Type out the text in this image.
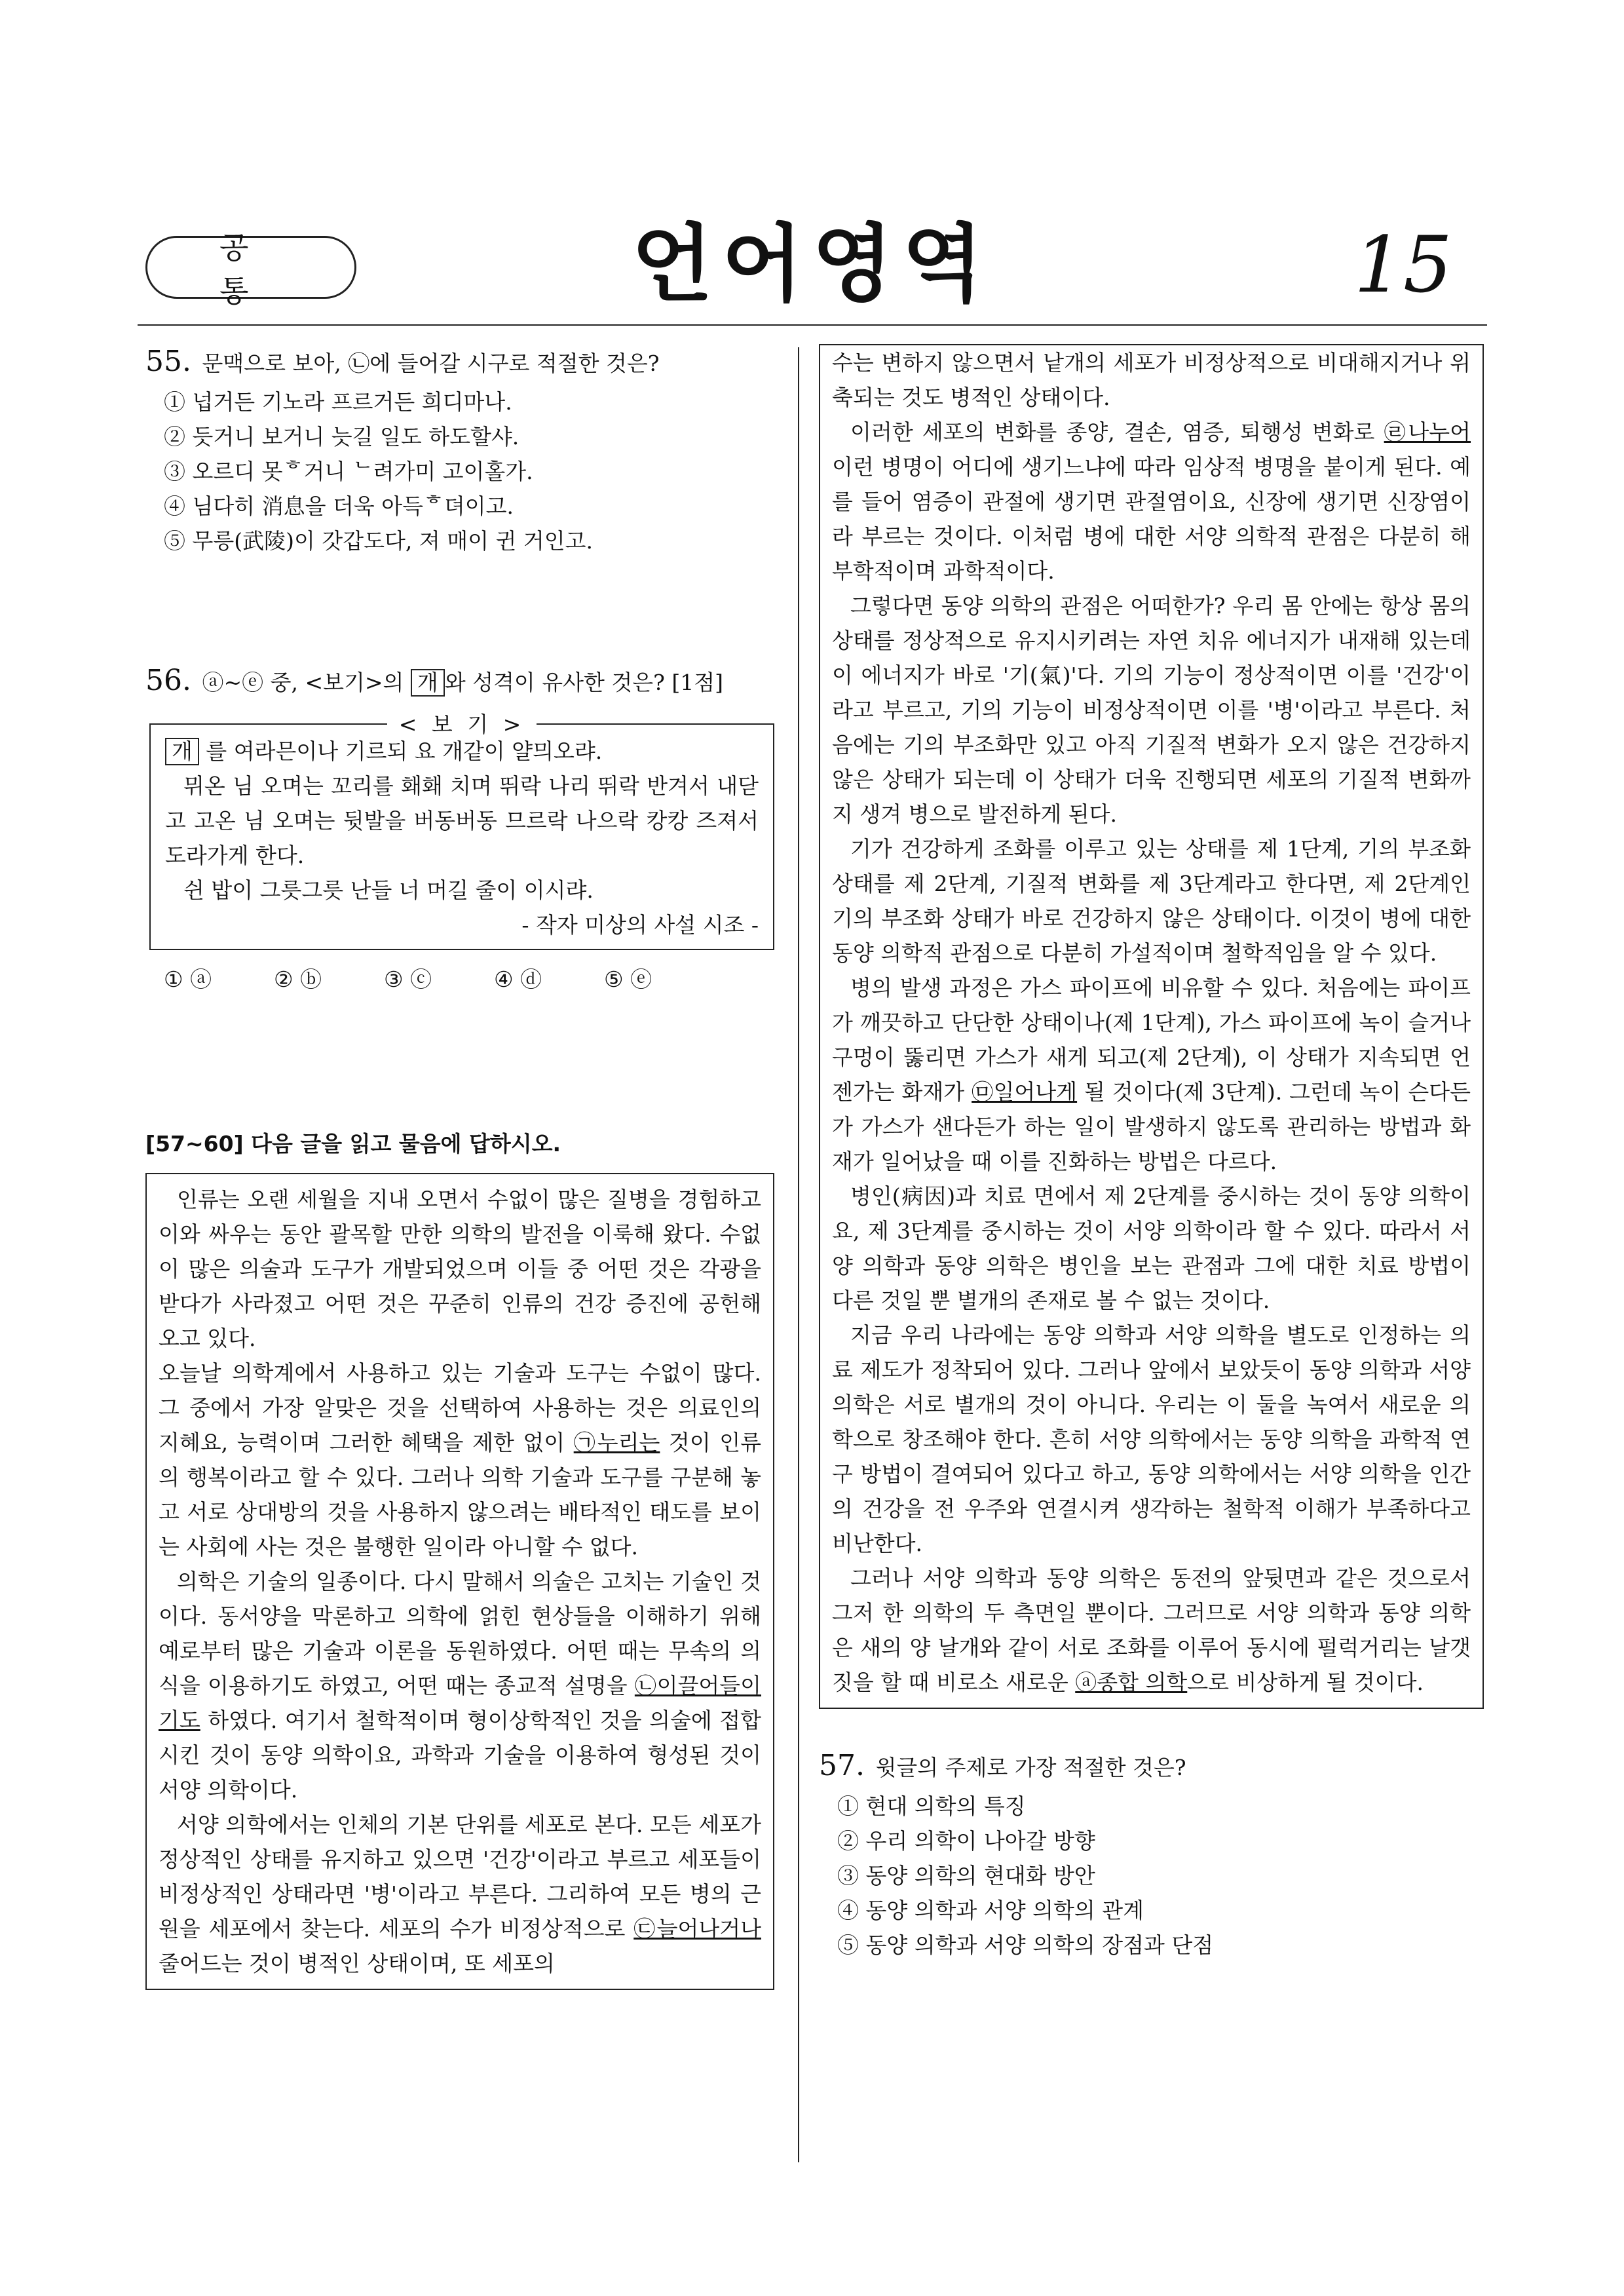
공 통	언어영역	15

55. 문맥으로 보아, ㉡에 들어갈 시구로 적절한 것은?

① 넙거든 기노라 프르거든 희디마나.

② 듯거니 보거니 늣길 일도 하도할샤.

③ 오르디 못ᄒ거니 ᄂ려가미 고이홀가.

④ 님다히 消息을 더욱 아득ᄒ뎌이고.

⑤ 무릉(武陵)이 갓갑도다, 져 매이 귄 거인고.

56. ⓐ~ⓔ 중, <보기>의 개 와 성격이 유사한 것은? [1점]

< 보 기 >

개 를 여라믄이나 기르되 요 개같이 얄믜오랴.

뮈온 님 오며는 꼬리를 홰홰 치며 뛰락 나리 뛰락 반겨서 내닫고 고온 님 오며는 뒷발을 버동버동 므르락 나으락 캉캉 즈져서 도라가게 한다.

쉰 밥이 그릇그릇 난들 너 머길 줄이 이시랴.

- 작자 미상의 사설 시조 -

① ⓐ	② ⓑ	③ ⓒ	④ ⓓ	⑤ ⓔ

[57~60] 다음 글을 읽고 물음에 답하시오.

인류는 오랜 세월을 지내 오면서 수없이 많은 질병을 경험하고 이와 싸우는 동안 괄목할 만한 의학의 발전을 이룩해 왔다. 수없이 많은 의술과 도구가 개발되었으며 이들 중 어떤 것은 각광을 받다가 사라졌고 어떤 것은 꾸준히 인류의 건강 증진에 공헌해 오고 있다.

오늘날 의학계에서 사용하고 있는 기술과 도구는 수없이 많다. 그 중에서 가장 알맞은 것을 선택하여 사용하는 것은 의료인의 지혜요, 능력이며 그러한 혜택을 제한 없이 ㉠누리는 것이 인류의 행복이라고 할 수 있다. 그러나 의학 기술과 도구를 구분해 놓고 서로 상대방의 것을 사용하지 않으려는 배타적인 태도를 보이는 사회에 사는 것은 불행한 일이라 아니할 수 없다.

의학은 기술의 일종이다. 다시 말해서 의술은 고치는 기술인 것이다. 동서양을 막론하고 의학에 얽힌 현상들을 이해하기 위해 예로부터 많은 기술과 이론을 동원하였다. 어떤 때는 무속의 의식을 이용하기도 하였고, 어떤 때는 종교적 설명을 ㉡이끌어들이기도 하였다. 여기서 철학적이며 형이상학적인 것을 의술에 접합시킨 것이 동양 의학이요, 과학과 기술을 이용하여 형성된 것이 서양 의학이다.

서양 의학에서는 인체의 기본 단위를 세포로 본다. 모든 세포가 정상적인 상태를 유지하고 있으면 '건강'이라고 부르고 세포들이 비정상적인 상태라면 '병'이라고 부른다. 그리하여 모든 병의 근원을 세포에서 찾는다. 세포의 수가 비정상적으로 ㉢늘어나거나 줄어드는 것이 병적인 상태이며, 또 세포의

수는 변하지 않으면서 낱개의 세포가 비정상적으로 비대해지거나 위축되는 것도 병적인 상태이다.

이러한 세포의 변화를 종양, 결손, 염증, 퇴행성 변화로 ㉣나누어 이런 병명이 어디에 생기느냐에 따라 임상적 병명을 붙이게 된다. 예를 들어 염증이 관절에 생기면 관절염이요, 신장에 생기면 신장염이라 부르는 것이다. 이처럼 병에 대한 서양 의학적 관점은 다분히 해부학적이며 과학적이다.

그렇다면 동양 의학의 관점은 어떠한가? 우리 몸 안에는 항상 몸의 상태를 정상적으로 유지시키려는 자연 치유 에너지가 내재해 있는데 이 에너지가 바로 '기(氣)'다. 기의 기능이 정상적이면 이를 '건강'이라고 부르고, 기의 기능이 비정상적이면 이를 '병'이라고 부른다. 처음에는 기의 부조화만 있고 아직 기질적 변화가 오지 않은 건강하지 않은 상태가 되는데 이 상태가 더욱 진행되면 세포의 기질적 변화까지 생겨 병으로 발전하게 된다.

기가 건강하게 조화를 이루고 있는 상태를 제 1단계, 기의 부조화 상태를 제 2단계, 기질적 변화를 제 3단계라고 한다면, 제 2단계인 기의 부조화 상태가 바로 건강하지 않은 상태이다. 이것이 병에 대한 동양 의학적 관점으로 다분히 가설적이며 철학적임을 알 수 있다.

병의 발생 과정은 가스 파이프에 비유할 수 있다. 처음에는 파이프가 깨끗하고 단단한 상태이나(제 1단계), 가스 파이프에 녹이 슬거나 구멍이 뚫리면 가스가 새게 되고(제 2단계), 이 상태가 지속되면 언젠가는 화재가 ㉤일어나게 될 것이다(제 3단계). 그런데 녹이 슨다든가 가스가 샌다든가 하는 일이 발생하지 않도록 관리하는 방법과 화재가 일어났을 때 이를 진화하는 방법은 다르다.

병인(病因)과 치료 면에서 제 2단계를 중시하는 것이 동양 의학이요, 제 3단계를 중시하는 것이 서양 의학이라 할 수 있다. 따라서 서양 의학과 동양 의학은 병인을 보는 관점과 그에 대한 치료 방법이 다른 것일 뿐 별개의 존재로 볼 수 없는 것이다.

지금 우리 나라에는 동양 의학과 서양 의학을 별도로 인정하는 의료 제도가 정착되어 있다. 그러나 앞에서 보았듯이 동양 의학과 서양 의학은 서로 별개의 것이 아니다. 우리는 이 둘을 녹여서 새로운 의학으로 창조해야 한다. 흔히 서양 의학에서는 동양 의학을 과학적 연구 방법이 결여되어 있다고 하고, 동양 의학에서는 서양 의학을 인간의 건강을 전 우주와 연결시켜 생각하는 철학적 이해가 부족하다고 비난한다.

그러나 서양 의학과 동양 의학은 동전의 앞뒷면과 같은 것으로서 그저 한 의학의 두 측면일 뿐이다. 그러므로 서양 의학과 동양 의학은 새의 양 날개와 같이 서로 조화를 이루어 동시에 펄럭거리는 날갯짓을 할 때 비로소 새로운 ⓐ종합 의학으로 비상하게 될 것이다.

57. 윗글의 주제로 가장 적절한 것은?

① 현대 의학의 특징

② 우리 의학이 나아갈 방향

③ 동양 의학의 현대화 방안

④ 동양 의학과 서양 의학의 관계

⑤ 동양 의학과 서양 의학의 장점과 단점
